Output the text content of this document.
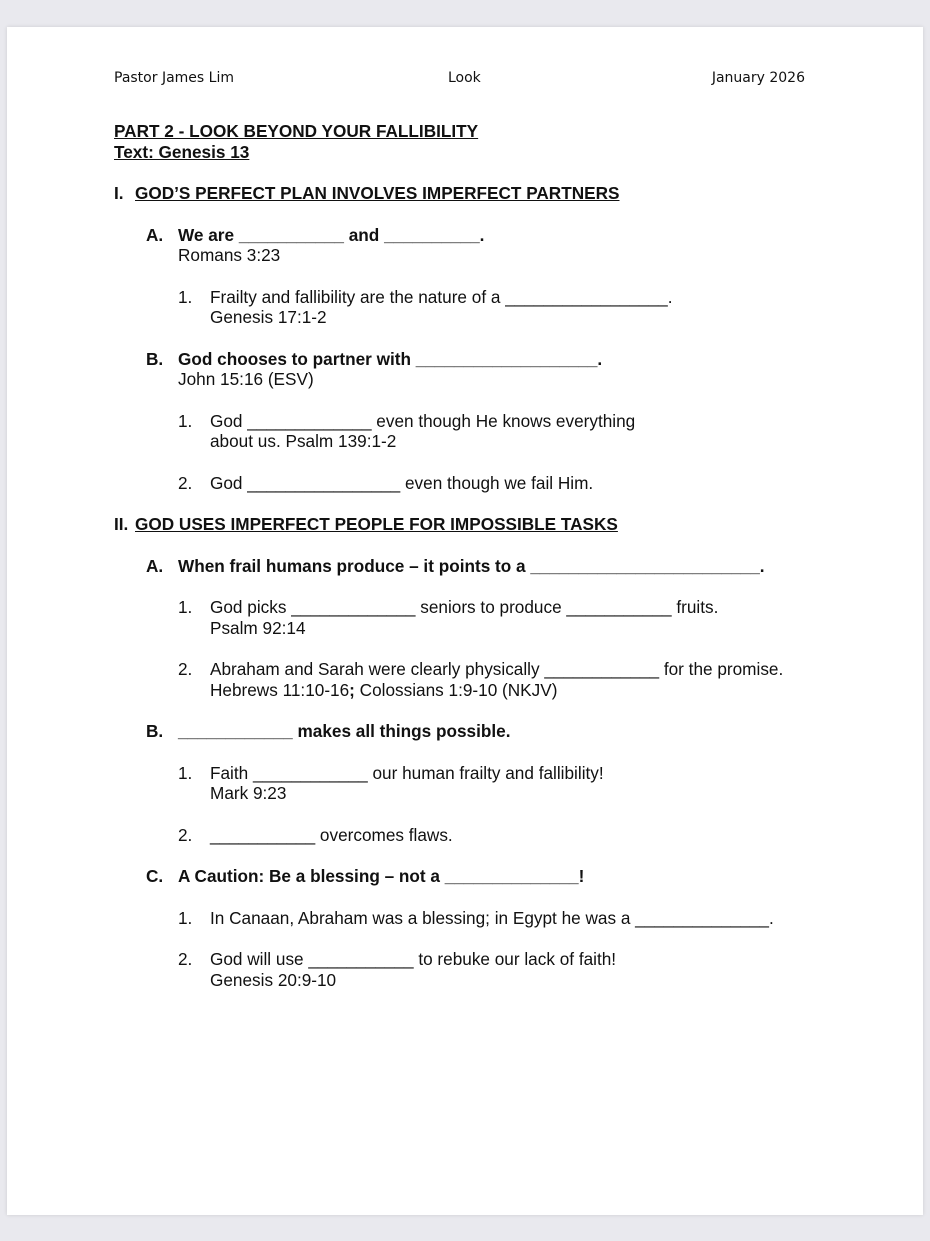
Pastor James Lim	Look	January 2026
PART 2 - LOOK BEYOND YOUR FALLIBILITY
Text: Genesis 13
I. GOD’S PERFECT PLAN INVOLVES IMPERFECT PARTNERS
A. We are ___________ and __________.
Romans 3:23
1. Frailty and fallibility are the nature of a _________________.
Genesis 17:1-2
B. God chooses to partner with ___________________.
John 15:16 (ESV)
1. God _____________ even though He knows everything
about us. Psalm 139:1-2
2. God ________________ even though we fail Him.
II. GOD USES IMPERFECT PEOPLE FOR IMPOSSIBLE TASKS
A. When frail humans produce – it points to a ________________________.
1. God picks _____________ seniors to produce ___________ fruits.
Psalm 92:14
2. Abraham and Sarah were clearly physically ____________ for the promise.
Hebrews 11:10-16; Colossians 1:9-10 (NKJV)
B. ____________ makes all things possible.
1. Faith ____________ our human frailty and fallibility!
Mark 9:23
2. ___________ overcomes flaws.
C. A Caution: Be a blessing – not a ______________!
1. In Canaan, Abraham was a blessing; in Egypt he was a ______________.
2. God will use ___________ to rebuke our lack of faith!
Genesis 20:9-10
